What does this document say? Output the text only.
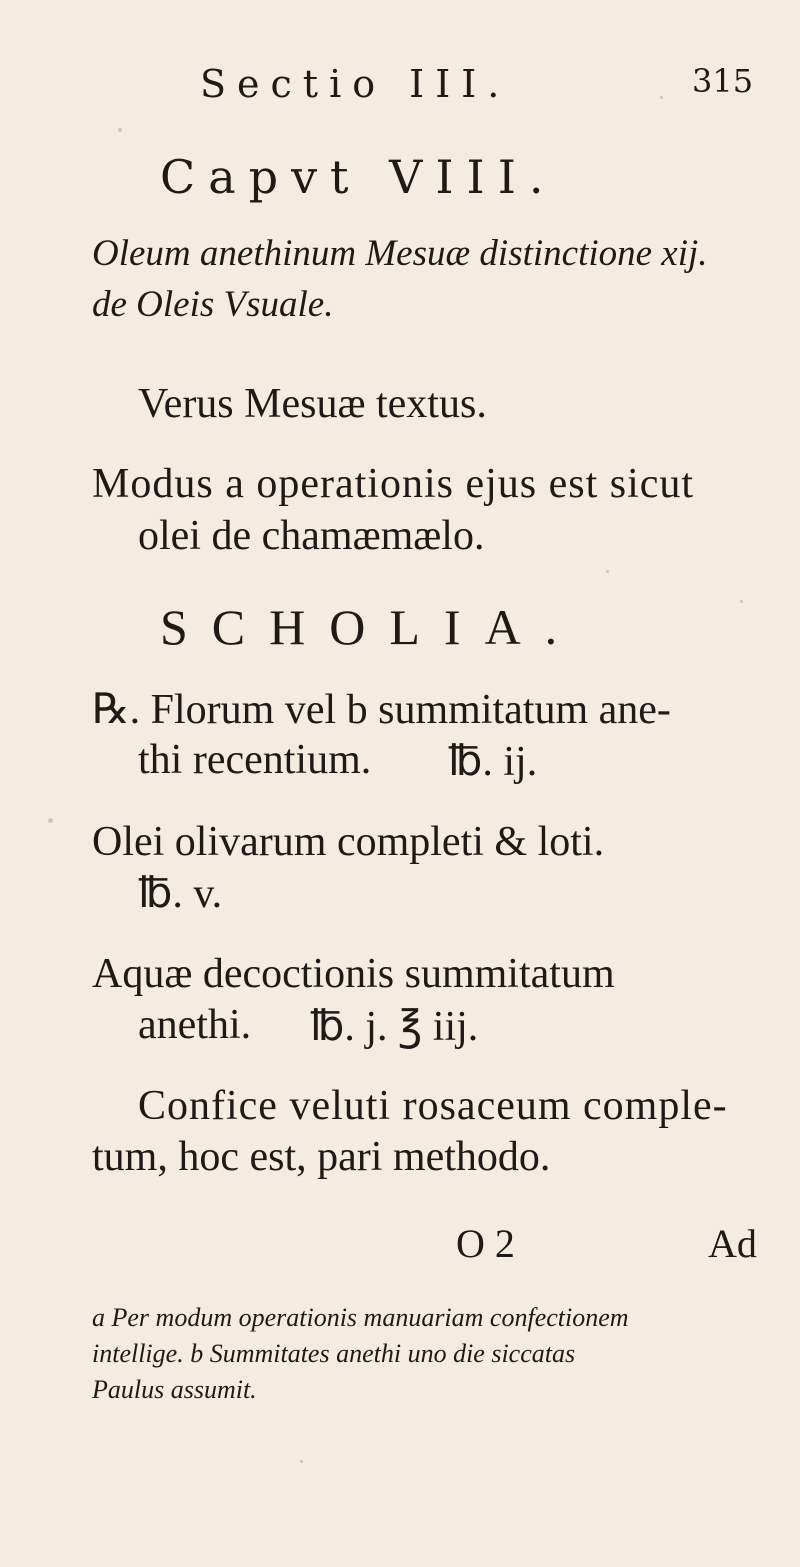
Sectio III.	315
Capvt VIII.
Oleum anethinum Mesuæ distinctione xij.
de Oleis Vsuale.
Verus Mesuæ textus.
Modus a operationis ejus est sicut
olei de chamæmælo.
SCHOLIA.
℞. Florum vel b summitatum ane-
thi recentium. ℔. ij.
Olei olivarum completi & loti.
℔. v.
Aquæ decoctionis summitatum
anethi. ℔. j. ℥ iij.
Confice veluti rosaceum comple-
tum, hoc est, pari methodo.
O 2	Ad
a Per modum operationis manuariam confectionem
intellige. b Summitates anethi uno die siccatas
Paulus assumit.
